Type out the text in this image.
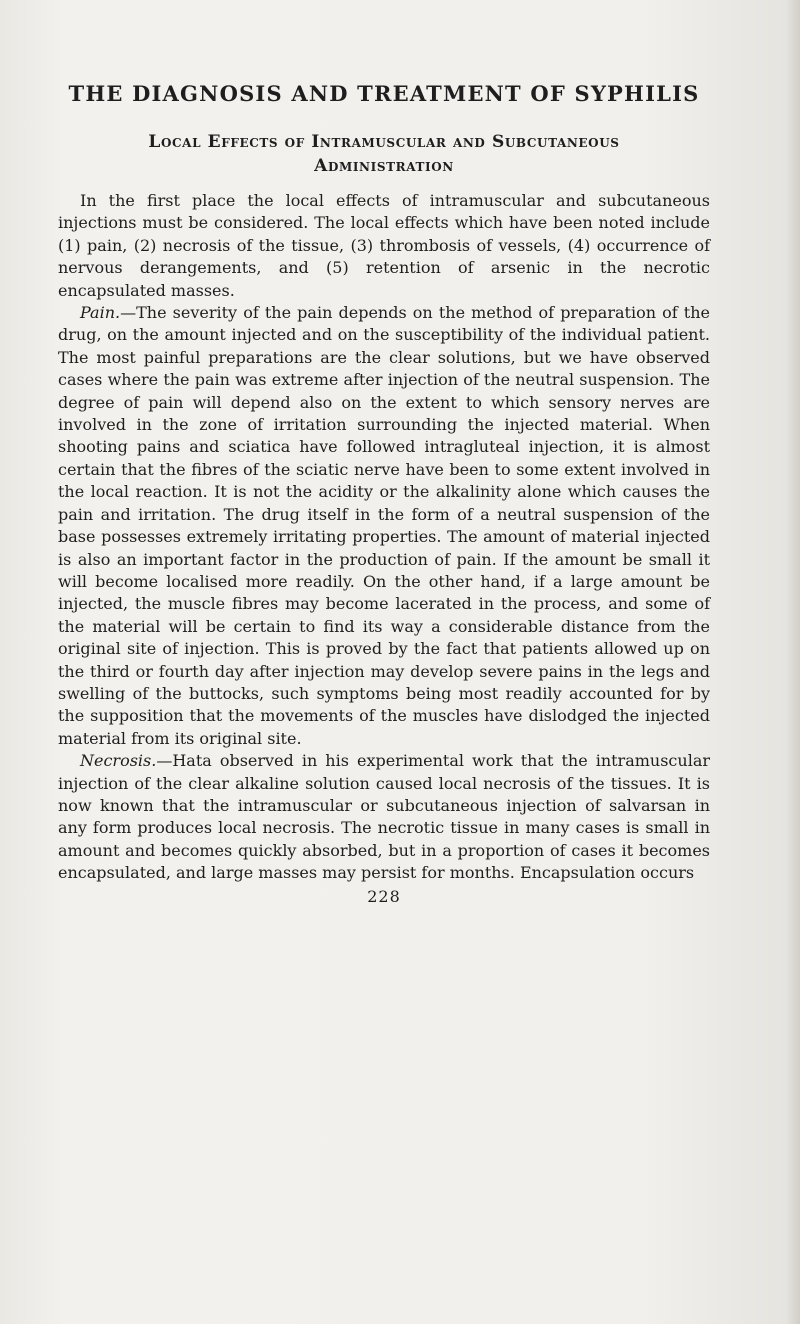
THE DIAGNOSIS AND TREATMENT OF SYPHILIS
Local Effects of Intramuscular and Subcutaneous
Administration

In the first place the local effects of intramuscular and subcutaneous injections must be considered. The local effects which have been noted include (1) pain, (2) necrosis of the tissue, (3) thrombosis of vessels, (4) occurrence of nervous derangements, and (5) retention of arsenic in the necrotic encapsulated masses.

Pain.—The severity of the pain depends on the method of preparation of the drug, on the amount injected and on the susceptibility of the individual patient. The most painful preparations are the clear solutions, but we have observed cases where the pain was extreme after injection of the neutral suspension. The degree of pain will depend also on the extent to which sensory nerves are involved in the zone of irritation surrounding the injected material. When shooting pains and sciatica have followed intragluteal injection, it is almost certain that the fibres of the sciatic nerve have been to some extent involved in the local reaction. It is not the acidity or the alkalinity alone which causes the pain and irritation. The drug itself in the form of a neutral suspension of the base possesses extremely irritating properties. The amount of material injected is also an important factor in the production of pain. If the amount be small it will become localised more readily. On the other hand, if a large amount be injected, the muscle fibres may become lacerated in the process, and some of the material will be certain to find its way a considerable distance from the original site of injection. This is proved by the fact that patients allowed up on the third or fourth day after injection may develop severe pains in the legs and swelling of the buttocks, such symptoms being most readily accounted for by the supposition that the movements of the muscles have dislodged the injected material from its original site.

Necrosis.—Hata observed in his experimental work that the intramuscular injection of the clear alkaline solution caused local necrosis of the tissues. It is now known that the intramuscular or subcutaneous injection of salvarsan in any form produces local necrosis. The necrotic tissue in many cases is small in amount and becomes quickly absorbed, but in a proportion of cases it becomes encapsulated, and large masses may persist for months. Encapsulation occurs

228
